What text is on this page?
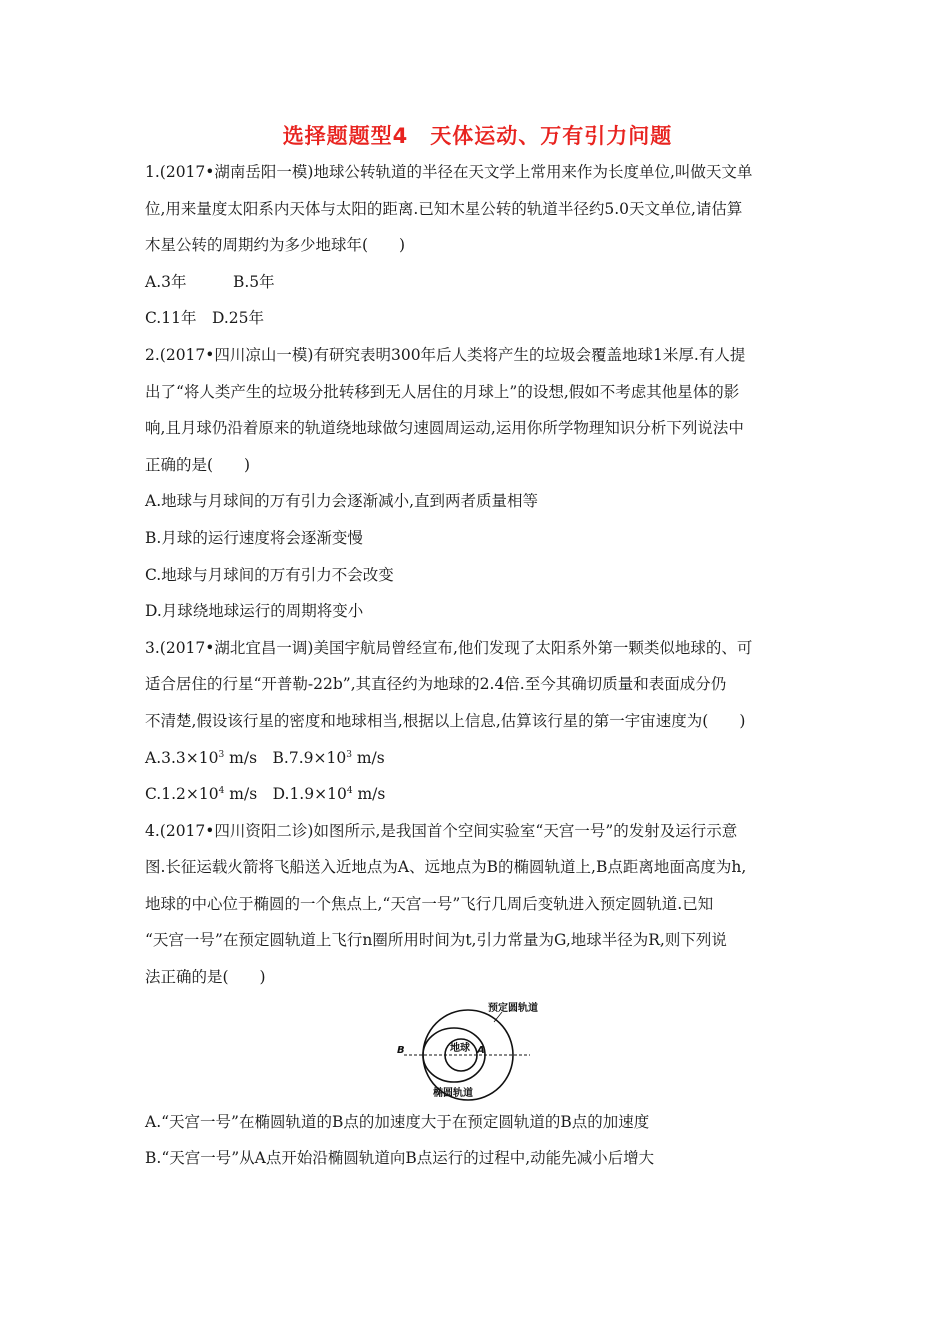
选择题题型4　天体运动、万有引力问题
1.(2017•湖南岳阳一模)地球公转轨道的半径在天文学上常用来作为长度单位,叫做天文单
位,用来量度太阳系内天体与太阳的距离.已知木星公转的轨道半径约5.0天文单位,请估算
木星公转的周期约为多少地球年(　　)
A.3年　　　B.5年
C.11年　D.25年
2.(2017•四川凉山一模)有研究表明300年后人类将产生的垃圾会覆盖地球1米厚.有人提
出了“将人类产生的垃圾分批转移到无人居住的月球上”的设想,假如不考虑其他星体的影
响,且月球仍沿着原来的轨道绕地球做匀速圆周运动,运用你所学物理知识分析下列说法中
正确的是(　　)
A.地球与月球间的万有引力会逐渐减小,直到两者质量相等
B.月球的运行速度将会逐渐变慢
C.地球与月球间的万有引力不会改变
D.月球绕地球运行的周期将变小
3.(2017•湖北宜昌一调)美国宇航局曾经宣布,他们发现了太阳系外第一颗类似地球的、可
适合居住的行星“开普勒-22b”,其直径约为地球的2.4倍.至今其确切质量和表面成分仍
不清楚,假设该行星的密度和地球相当,根据以上信息,估算该行星的第一宇宙速度为(　　)
$A.3.3\times 10^3$ m/s　$B.7.9\times 10^3$ m/s
$C.1.2\times 10^4$ m/s　$D.1.9\times 10^4$ m/s
4.(2017•四川资阳二诊)如图所示,是我国首个空间实验室“天宫一号”的发射及运行示意
图.长征运载火箭将飞船送入近地点为A、远地点为B的椭圆轨道上,B点距离地面高度为h,
地球的中心位于椭圆的一个焦点上,“天宫一号”飞行几周后变轨进入预定圆轨道.已知
“天宫一号”在预定圆轨道上飞行n圈所用时间为t,引力常量为G,地球半径为R,则下列说
法正确的是(　　)
预定圆轨道
地球
椭圆轨道
A
B
A.“天宫一号”在椭圆轨道的B点的加速度大于在预定圆轨道的B点的加速度
B.“天宫一号”从A点开始沿椭圆轨道向B点运行的过程中,动能先减小后增大
